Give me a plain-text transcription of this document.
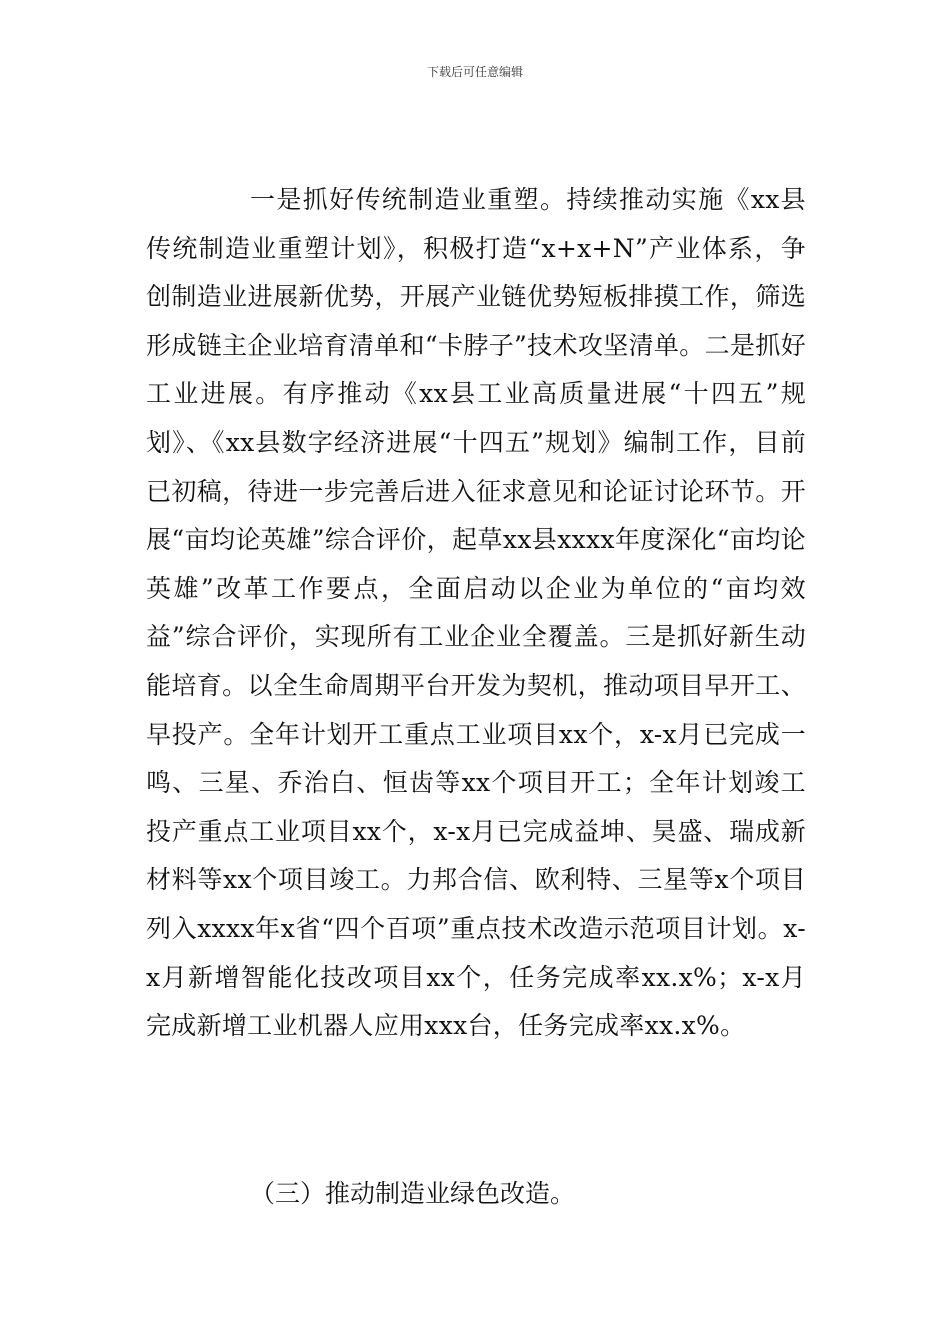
下载后可任意编辑

一是抓好传统制造业重塑。持续推动实施《xx县传统制造业重塑计划》，积极打造“x+x+N”产业体系，争创制造业进展新优势，开展产业链优势短板排摸工作，筛选形成链主企业培育清单和“卡脖子”技术攻坚清单。二是抓好工业进展。有序推动《xx县工业高质量进展“十四五”规划》、《xx县数字经济进展“十四五”规划》编制工作，目前已初稿，待进一步完善后进入征求意见和论证讨论环节。开展“亩均论英雄”综合评价，起草xx县xxxx年度深化“亩均论英雄”改革工作要点，全面启动以企业为单位的“亩均效益”综合评价，实现所有工业企业全覆盖。三是抓好新生动能培育。以全生命周期平台开发为契机，推动项目早开工、早投产。全年计划开工重点工业项目xx个，x-x月已完成一鸣、三星、乔治白、恒齿等xx个项目开工；全年计划竣工投产重点工业项目xx个，x-x月已完成益坤、昊盛、瑞成新材料等xx个项目竣工。力邦合信、欧利特、三星等x个项目列入xxxx年x省“四个百项”重点技术改造示范项目计划。x-x月新增智能化技改项目xx个，任务完成率xx.x%；x-x月完成新增工业机器人应用xxx台，任务完成率xx.x%。

（三）推动制造业绿色改造。
